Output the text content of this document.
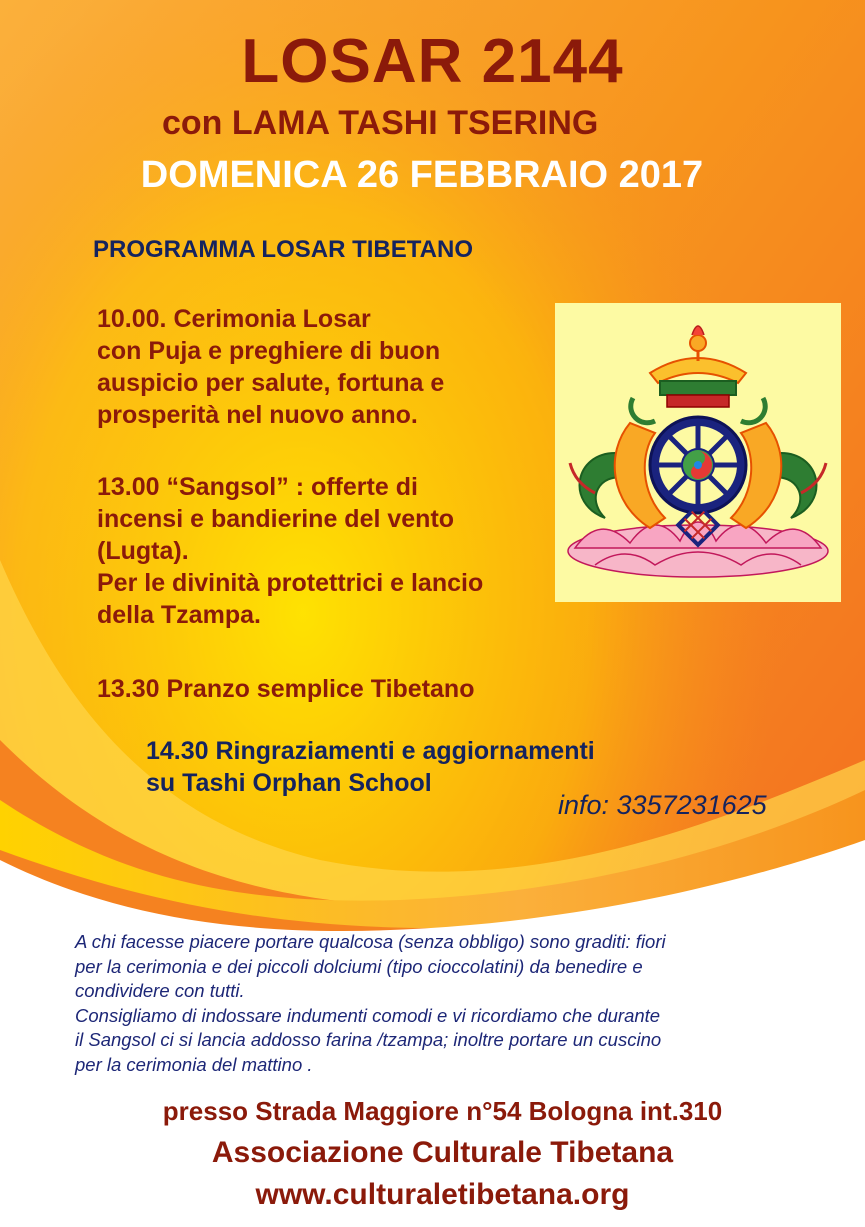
LOSAR 2144
con LAMA TASHI TSERING
DOMENICA 26 FEBBRAIO 2017
PROGRAMMA LOSAR TIBETANO
10.00. Cerimonia Losar
con Puja e preghiere di buon
auspicio per salute, fortuna e
prosperità nel nuovo anno.
13.00 “Sangsol” : offerte di
incensi e bandierine del vento
(Lugta).
Per le divinità protettrici e lancio
della Tzampa.
13.30 Pranzo semplice Tibetano
14.30 Ringraziamenti e aggiornamenti
su Tashi Orphan School
info: 3357231625
A chi facesse piacere portare qualcosa (senza obbligo) sono graditi: fiori
per la cerimonia e dei piccoli dolciumi (tipo cioccolatini) da benedire e
condividere con tutti.
Consigliamo di indossare indumenti comodi e vi ricordiamo che durante
il Sangsol ci si lancia addosso farina /tzampa; inoltre portare un cuscino
per la cerimonia del mattino .
presso Strada Maggiore n°54 Bologna int.310
Associazione Culturale Tibetana
www.culturaletibetana.org
